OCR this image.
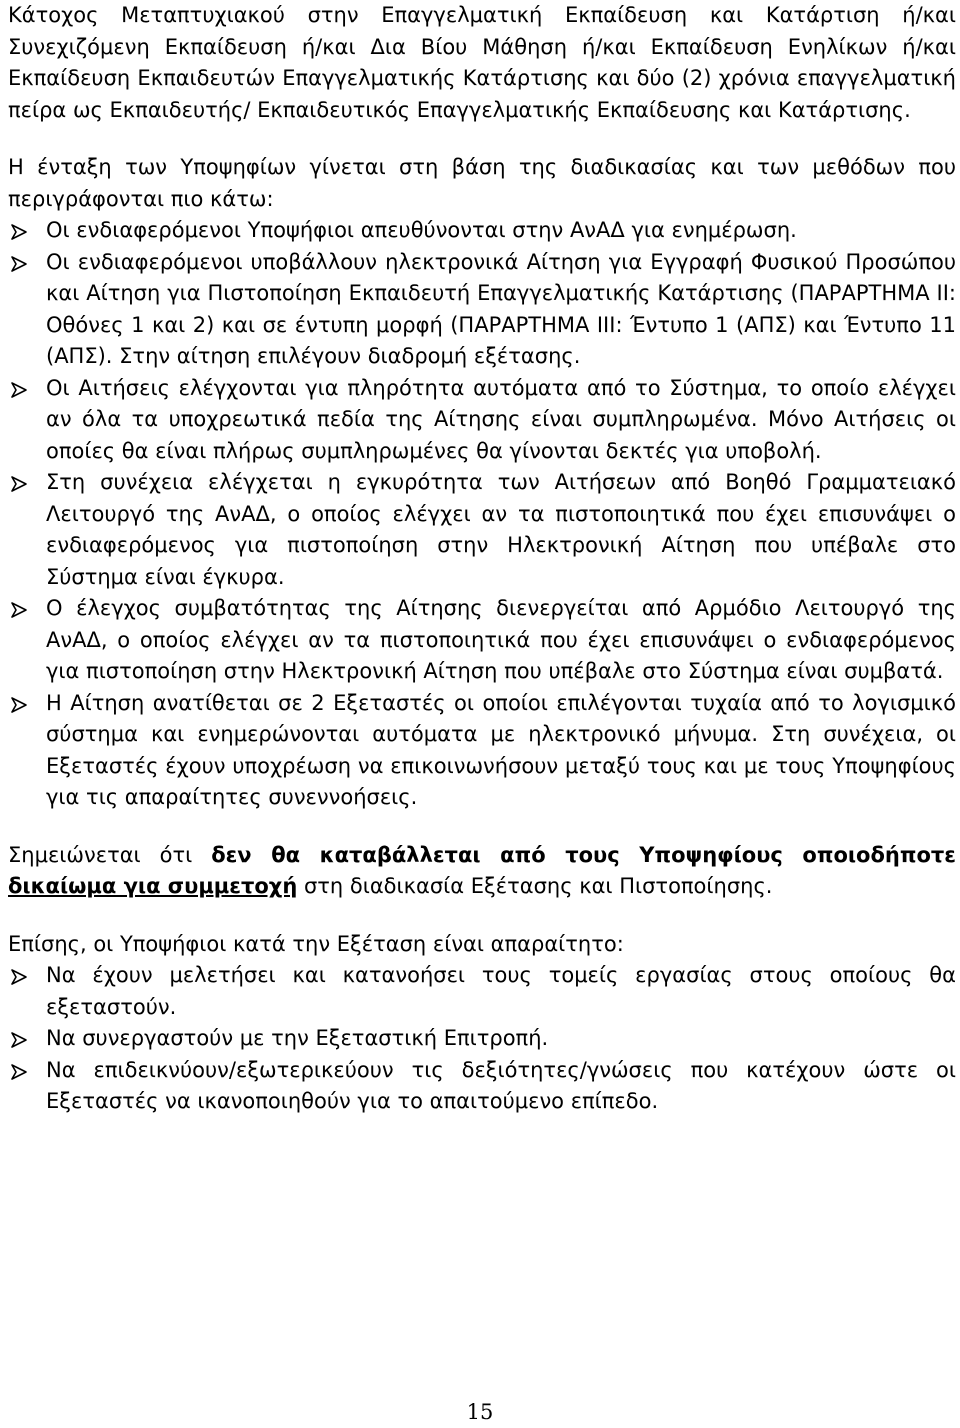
Κάτοχος Μεταπτυχιακού στην Επαγγελματική Εκπαίδευση και Κατάρτιση ή/και Συνεχιζόμενη Εκπαίδευση ή/και Δια Βίου Μάθηση ή/και Εκπαίδευση Ενηλίκων ή/και Εκπαίδευση Εκπαιδευτών Επαγγελματικής Κατάρτισης και δύο (2) χρόνια επαγγελματική πείρα ως Εκπαιδευτής/ Εκπαιδευτικός Επαγγελματικής Εκπαίδευσης και Κατάρτισης.

Η ένταξη των Υποψηφίων γίνεται στη βάση της διαδικασίας και των μεθόδων που περιγράφονται πιο κάτω:

Οι ενδιαφερόμενοι Υποψήφιοι απευθύνονται στην ΑνΑΔ για ενημέρωση.
Οι ενδιαφερόμενοι υποβάλλουν ηλεκτρονικά Αίτηση για Εγγραφή Φυσικού Προσώπου και Αίτηση για Πιστοποίηση Εκπαιδευτή Επαγγελματικής Κατάρτισης (ΠΑΡΑΡΤΗΜΑ ΙΙ: Οθόνες 1 και 2) και σε έντυπη μορφή (ΠΑΡΑΡΤΗΜΑ ΙΙΙ: Έντυπο 1 (ΑΠΣ) και Έντυπο 11 (ΑΠΣ). Στην αίτηση επιλέγουν διαδρομή εξέτασης.
Οι Αιτήσεις ελέγχονται για πληρότητα αυτόματα από το Σύστημα, το οποίο ελέγχει αν όλα τα υποχρεωτικά πεδία της Αίτησης είναι συμπληρωμένα. Μόνο Αιτήσεις οι οποίες θα είναι πλήρως συμπληρωμένες θα γίνονται δεκτές για υποβολή.
Στη συνέχεια ελέγχεται η εγκυρότητα των Αιτήσεων από Βοηθό Γραμματειακό Λειτουργό της ΑνΑΔ, ο οποίος ελέγχει αν τα πιστοποιητικά που έχει επισυνάψει ο ενδιαφερόμενος για πιστοποίηση στην Ηλεκτρονική Αίτηση που υπέβαλε στο Σύστημα είναι έγκυρα.
Ο έλεγχος συμβατότητας της Αίτησης διενεργείται από Αρμόδιο Λειτουργό της ΑνΑΔ, ο οποίος ελέγχει αν τα πιστοποιητικά που έχει επισυνάψει ο ενδιαφερόμενος για πιστοποίηση στην Ηλεκτρονική Αίτηση που υπέβαλε στο Σύστημα είναι συμβατά.
Η Αίτηση ανατίθεται σε 2 Εξεταστές οι οποίοι επιλέγονται τυχαία από το λογισμικό σύστημα και ενημερώνονται αυτόματα με ηλεκτρονικό μήνυμα. Στη συνέχεια, οι Εξεταστές έχουν υποχρέωση να επικοινωνήσουν μεταξύ τους και με τους Υποψηφίους για τις απαραίτητες συνεννοήσεις.

Σημειώνεται ότι δεν θα καταβάλλεται από τους Υποψηφίους οποιοδήποτε δικαίωμα για συμμετοχή στη διαδικασία Εξέτασης και Πιστοποίησης.

Επίσης, οι Υποψήφιοι κατά την Εξέταση είναι απαραίτητο:

Να έχουν μελετήσει και κατανοήσει τους τομείς εργασίας στους οποίους θα εξεταστούν.
Να συνεργαστούν με την Εξεταστική Επιτροπή.
Να επιδεικνύουν/εξωτερικεύουν τις δεξιότητες/γνώσεις που κατέχουν ώστε οι Εξεταστές να ικανοποιηθούν για το απαιτούμενο επίπεδο.
15
